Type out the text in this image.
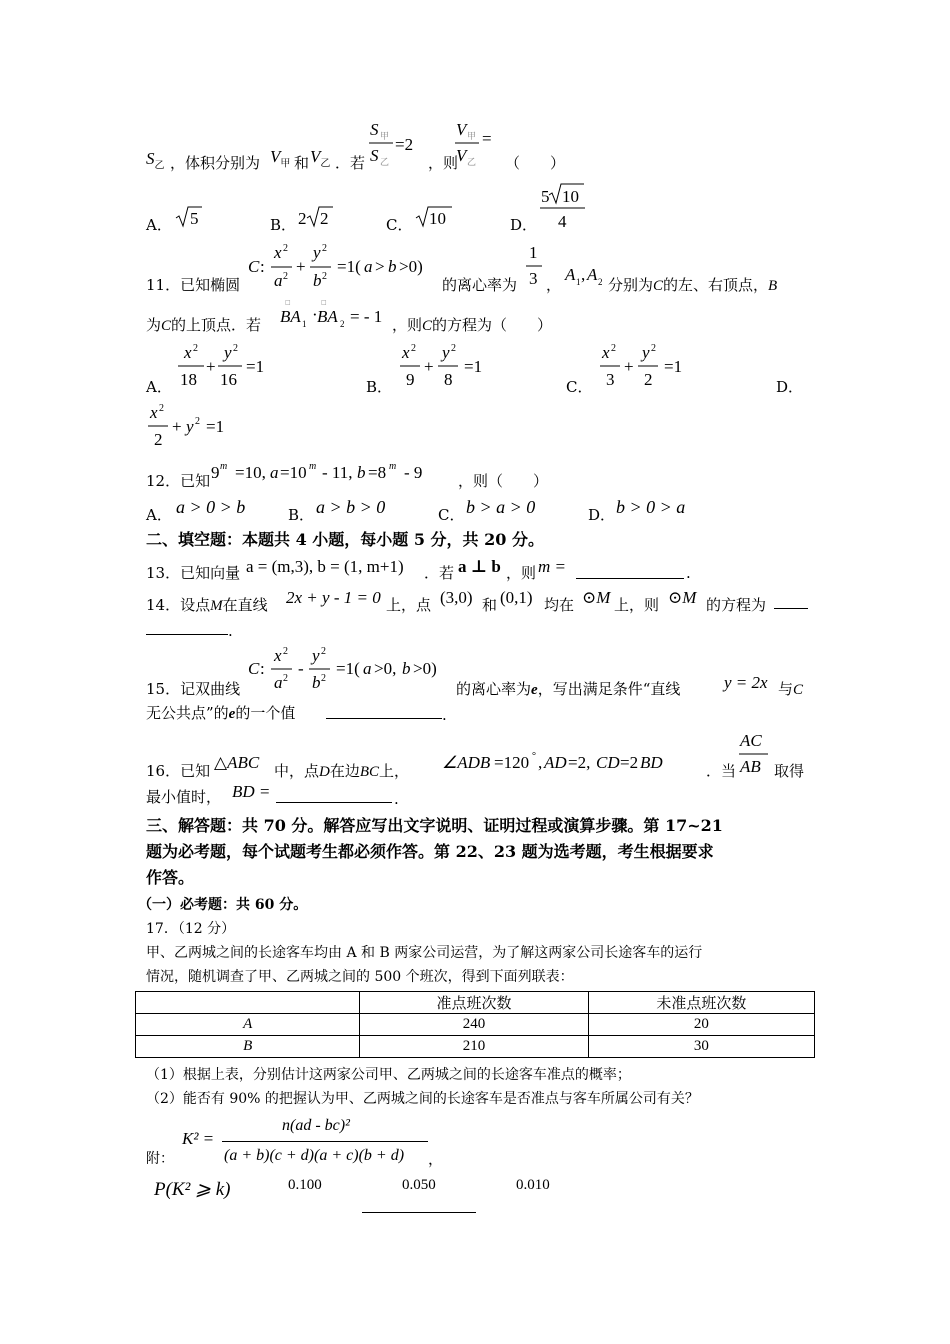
$S_乙$ ，体积分别为 $V_甲$ 和 $V_乙$ ．若
S 甲
S 乙
=2
，则
V 甲
V 乙
=
（　　）
A． 5	B． 2 2	C． 10	D．
5 10
4
11．已知椭圆
C :
x 2
a 2
+
y 2
b 2
=1( a > b >0)
的离心率为
1
3 ，
A 1 , A 2 分别为C的左、右顶点，B
为C的上顶点．若
□
BA 1 ·
□
BA 2 = - 1 ，则C的方程为（　　）
A．
x 2
18
+
y 2
16
=1
B．
x 2
9
+
y 2
8
=1
C．
x 2
3
+
y 2
2
=1
D．
x 2
2
+ y 2 =1
12．已知 9 m =10, a =10 m - 11, b =8 m - 9 ，则（　　）
A． a > 0 > b	B． a > b > 0	C． b > a > 0	D． b > 0 > a
二、填空题：本题共 4 小题，每小题 5 分，共 20 分。
13．已知向量 a = (m,3), b = (1, m+1) ．若 a ⊥ b ，则 m =	.
14．设点M在直线 2x + y - 1 = 0 上，点 (3,0) 和 (0,1) 均在 ⊙M 上，则 ⊙M 的方程为
.
15．记双曲线
C :
x 2
a 2
-
y 2
b 2
=1( a >0, b >0)
的离心率为e，写出满足条件“直线	y = 2x 与C
无公共点”的e的一个值	.
16．已知 △ABC 中，点D在边BC上， ∠ADB =120 ° , AD =2, CD =2 BD	．当
AC
AB 取得
最小值时， BD =	.
三、解答题：共 70 分。解答应写出文字说明、证明过程或演算步骤。第 17~21
题为必考题，每个试题考生都必须作答。第 22、23 题为选考题，考生根据要求
作答。
（一）必考题：共 60 分。
17．（12 分）
甲、乙两城之间的长途客车均由 A 和 B 两家公司运营，为了解这两家公司长途客车的运行
情况，随机调查了甲、乙两城之间的 500 个班次，得到下面列联表：
	准点班次数	未准点班次数
A	240	20
B	210	30
（1）根据上表，分别估计这两家公司甲、乙两城之间的长途客车准点的概率；
（2）能否有 90% 的把握认为甲、乙两城之间的长途客车是否准点与客车所属公司有关？
附：
K² =
n(ad - bc)²
(a + b)(c + d)(a + c)(b + d) ，
P(K² ⩾ k)	0.100	0.050	0.010
